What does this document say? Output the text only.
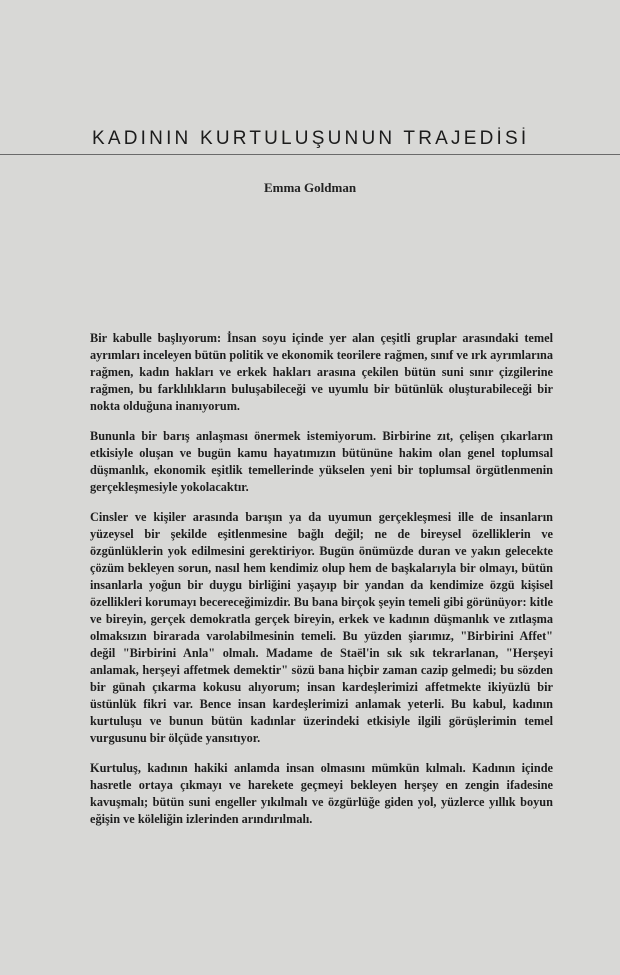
KADININ KURTULUŞUNUN TRAJEDİSİ
Emma Goldman

Bir kabulle başlıyorum: İnsan soyu içinde yer alan çeşitli gruplar arasındaki temel ayrımları inceleyen bütün politik ve ekonomik teorilere rağmen, sınıf ve ırk ayrımlarına rağmen, kadın hakları ve erkek hakları arasına çekilen bütün suni sınır çizgilerine rağmen, bu farklılıkların buluşabileceği ve uyumlu bir bütünlük oluşturabileceği bir nokta olduğuna inanıyorum.

Bununla bir barış anlaşması önermek istemiyorum. Birbirine zıt, çelişen çıkarların etkisiyle oluşan ve bugün kamu hayatımızın bütününe hakim olan genel toplumsal düşmanlık, ekonomik eşitlik temellerinde yükselen yeni bir toplumsal örgütlenmenin gerçekleşmesiyle yokolacaktır.

Cinsler ve kişiler arasında barışın ya da uyumun gerçekleşmesi ille de insanların yüzeysel bir şekilde eşitlenmesine bağlı değil; ne de bireysel özelliklerin ve özgünlüklerin yok edilmesini gerektiriyor. Bugün önümüzde duran ve yakın gelecekte çözüm bekleyen sorun, nasıl hem kendimiz olup hem de başkalarıyla bir olmayı, bütün insanlarla yoğun bir duygu birliğini yaşayıp bir yandan da kendimize özgü kişisel özellikleri korumayı becereceğimizdir. Bu bana birçok şeyin temeli gibi görünüyor: kitle ve bireyin, gerçek demokratla gerçek bireyin, erkek ve kadının düşmanlık ve zıtlaşma olmaksızın birarada varolabilmesinin temeli. Bu yüzden şiarımız, "Birbirini Affet" değil "Birbirini Anla" olmalı. Madame de Staël'in sık sık tekrarlanan, "Herşeyi anlamak, herşeyi affetmek demektir" sözü bana hiçbir zaman cazip gelmedi; bu sözden bir günah çıkarma kokusu alıyorum; insan kardeşlerimizi affetmekte ikiyüzlü bir üstünlük fikri var. Bence insan kardeşlerimizi anlamak yeterli. Bu kabul, kadının kurtuluşu ve bunun bütün kadınlar üzerindeki etkisiyle ilgili görüşlerimin temel vurgusunu bir ölçüde yansıtıyor.

Kurtuluş, kadının hakiki anlamda insan olmasını mümkün kılmalı. Kadının içinde hasretle ortaya çıkmayı ve harekete geçmeyi bekleyen herşey en zengin ifadesine kavuşmalı; bütün suni engeller yıkılmalı ve özgürlüğe giden yol, yüzlerce yıllık boyun eğişin ve köleliğin izlerinden arındırılmalı.
